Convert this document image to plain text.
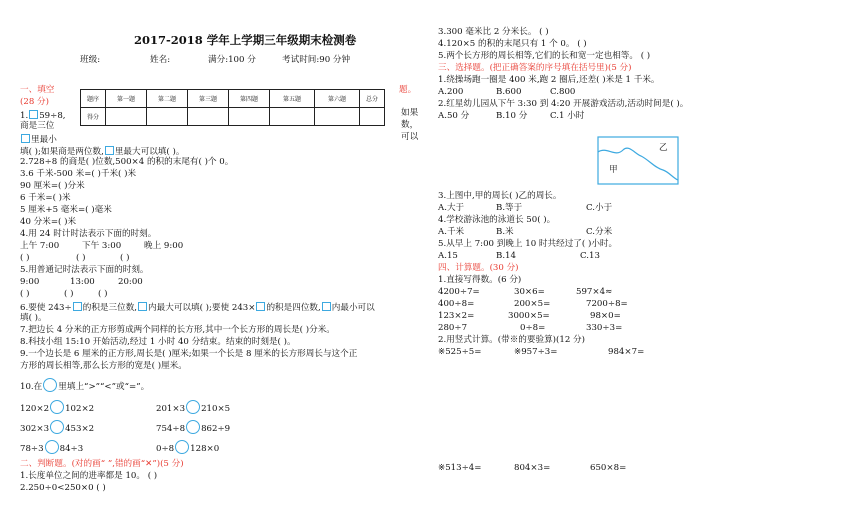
2017-2018 学年上学期三年级期末检测卷
班级:	姓名:	满分:100 分	考试时间:90 分钟
题序	第一题	第二题	第三题	第四题	第五题	第六题	总分
得分							
一、填空
(28 分)
题。
如果
数，
可以
1. 59÷8,
商是三位
里最小
填( );如果商是两位数, 里最大可以填( )。
2.728÷8 的商是( )位数,500×4 的积的末尾有( )个 0。
3.6 千米-500 米=( )千米( )米
90 厘米=( )分米
6 千米=( )米
5 厘米+5 毫米=( )毫米
40 分米=( )米
4.用 24 时计时法表示下面的时刻。
上午 7:00	下午 3:00	晚上 9:00
( )	( )	( )
5.用普通记时法表示下面的时刻。
9:00	13:00	20:00
( )	( )	( )
6.要使 243÷ 的积是三位数, 内最大可以填( );要使 243× 的积是四位数, 内最小可以
填( )。
7.把边长 4 分米的正方形剪成两个同样的长方形,其中一个长方形的周长是( )分米。
8.科技小组 15:10 开始活动,经过 1 小时 40 分结束。结束的时刻是( )。
9.一个边长是 6 厘米的正方形,周长是( )厘米;如果一个长是 8 厘米的长方形周长与这个正
方形的周长相等,那么长方形的宽是( )厘米。
10.在 里填上“>”“<”或“=”。
120×2 102×2	201×3 210×5
302×3 453×2	754÷8 862÷9
78÷3 84÷3	0÷8 128×0
二、判断题。(对的画“ ”,错的画“✕”)(5 分)
1.长度单位之间的进率都是 10。 ( )
2.250÷0<250×0 ( )
3.300 毫米比 2 分米长。 ( )
4.120×5 的积的末尾只有 1 个 0。 ( )
5.两个长方形的周长相等,它们的长和宽一定也相等。 ( )
三、选择题。(把正确答案的序号填在括号里)(5 分)
1.绕操场跑一圈是 400 米,跑 2 圈后,还差( )米是 1 千米。
A.200	B.600	C.800
2.红星幼儿园从下午 3:30 到 4:20 开展游戏活动,活动时间是( )。
A.50 分	B.10 分	C.1 小时
甲
乙
3.上图中,甲的周长( )乙的周长。
A.大于	B.等于	C.小于
4.学校游泳池的泳道长 50( )。
A.千米	B.米	C.分米
5.从早上 7:00 到晚上 10 时共经过了( )小时。
A.15	B.14	C.13
四、计算题。(30 分)
1.直接写得数。(6 分)
4200÷7=	30×6=	597×4≈
400÷8=	200×5=	7200÷8=
123×2=	3000×5=	98×0=
280÷7	0÷8=	330÷3=
2.用竖式计算。(带※的要验算)(12 分)
※525÷5=	※957÷3=	984×7=
※513÷4=	804×3=	650×8=
